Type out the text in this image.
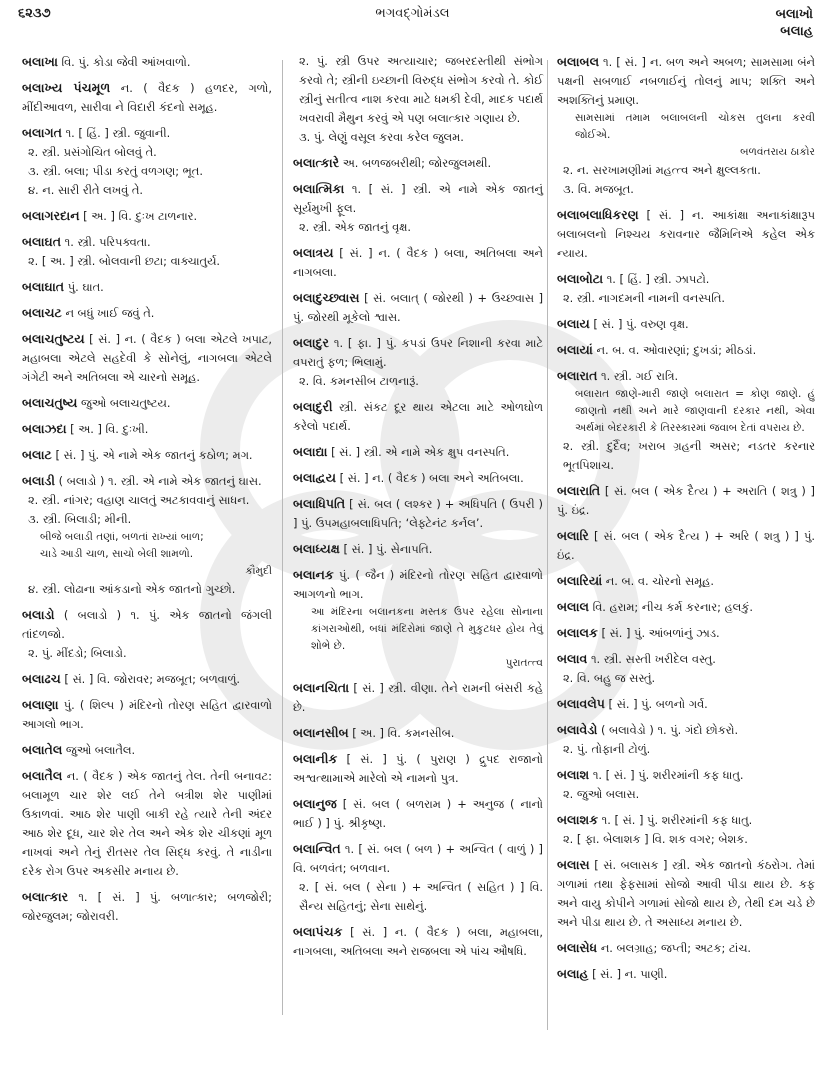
૬૨૩૭	ભગવદ્ગોમંડલ	બલાખો
બલાહ
બલાખા વિ. પું. કોડા જેવી આંખવાળો.
બલાખ્ય પંચમૂળ ન. ( વૈદક ) હળદર, ગળો, મીંદીઆવળ, સારીવા ને વિદારી કંદનો સમૂહ.
બલાગત ૧. [ હિં. ] સ્ત્રી. જુવાની.
૨. સ્ત્રી. પ્રસંગોચિત બોલવું તે.
૩. સ્ત્રી. બલા; પીડા કરતું વળગણ; ભૂત.
૪. ન. સારી રીતે લખવું તે.
બલાગરદાન [ અ. ] વિ. દુઃખ ટાળનાર.
બલાઘત ૧. સ્ત્રી. પરિપક્વતા.
૨. [ અ. ] સ્ત્રી. બોલવાની છટા; વાક્ચાતુર્ય.
બલાઘાત પું. ઘાત.
બલાચટ ન બધું ખાઈ જવું તે.
બલાચતુષ્ટય [ સં. ] ન. ( વૈદક ) બલા એટલે ખપાટ, મહાબલા એટલે સહદેવી કે સોનેલું, નાગબલા એટલે ગંગેટી અને અતિબલા એ ચારનો સમૂહ.
બલાચતુષ્ય જુઓ બલાચતુષ્ટય.
બલાઝદા [ અ. ] વિ. દુઃખી.
બલાટ [ સં. ] પું. એ નામે એક જાતનું કઠોળ; મગ.
બલાડી ( બલાડો ) ૧. સ્ત્રી. એ નામે એક જાતનું ઘાસ.
૨. સ્ત્રી. નાંગર; વહાણ ચાલતું અટકાવવાનું સાધન.
૩. સ્ત્રી. બિલાડી; મીની.
બીજે બલાડી તણાં, બળતાં રાખ્યાં બાળ;
ચાડે આડી ચાળ, સાચો બેલી શામળો.
કૌમુદી
૪. સ્ત્રી. લોઢાના આંકડાનો એક જાતનો ગુચ્છો.
બલાડો ( બલાડો ) ૧. પું. એક જાતનો જંગલી તાંદળજો.
૨. પું. મીંદડો; બિલાડો.
બલાઢચ [ સં. ] વિ. જોરાવર; મજબૂત; બળવાળું.
બલાણા પું. ( શિલ્પ ) મંદિરનો તોરણ સહિત દ્વારવાળો આગલો ભાગ.
બલાતેલ જુઓ બલાતૈલ.
બલાતૈલ ન. ( વૈદક ) એક જાતનું તેલ. તેની બનાવટ: બલામૂળ ચાર શેર લઈ તેને બત્રીશ શેર પાણીમાં ઉકાળવાં. આઠ શેર પાણી બાકી રહે ત્યારે તેની અંદર આઠ શેર દૂધ, ચાર શેર તેલ અને એક શેર ચીકણાં મૂળ નાખવાં અને તેનું રીતસર તેલ સિદ્ધ કરવું. તે નાડીના દરેક રોગ ઉપર અકસીર મનાય છે.
બલાત્કાર ૧. [ સં. ] પું. બળાત્કાર; બળજોરી; જોરજુલમ; જોરાવરી.
૨. પું. સ્ત્રી ઉપર અત્યાચાર; જબરદસ્તીથી સંભોગ કરવો તે; સ્ત્રીની ઇચ્છાની વિરુદ્ધ સંભોગ કરવો તે. કોઈ સ્ત્રીનું સતીત્વ નાશ કરવા માટે ધમકી દેવી, માદક પદાર્થ ખવરાવી મૈથુન કરવું એ પણ બલાત્કાર ગણાય છે.
૩. પું. લેણું વસૂલ કરવા કરેલ જુલમ.
બલાત્કારે અ. બળજબરીથી; જોરજુલમથી.
બલાત્મિકા ૧. [ સં. ] સ્ત્રી. એ નામે એક જાતનું સૂર્યમુખી ફૂલ.
૨. સ્ત્રી. એક જાતનું વૃક્ષ.
બલાત્રય [ સં. ] ન. ( વૈદક ) બલા, અતિબલા અને નાગબલા.
બલાદુચ્છ્વાસ [ સં. બલાત્ ( જોરથી ) + ઉચ્છ્વાસ ] પું. જોરથી મૂકેલો શ્વાસ.
બલાદુર ૧. [ ફા. ] પું. કપડાં ઉપર નિશાની કરવા માટે વપરાતું ફળ; ભિલામું.
૨. વિ. કમનસીબ ટાળનારૂં.
બલાદુરી સ્ત્રી. સંકટ દૂર થાય એટલા માટે ઓળઘોળ કરેલો પદાર્થ.
બલાદ્યા [ સં. ] સ્ત્રી. એ નામે એક ક્ષુપ વનસ્પતિ.
બલાદ્વય [ સં. ] ન. ( વૈદક ) બલા અને અતિબલા.
બલાધિપતિ [ સં. બલ ( લશ્કર ) + અધિપતિ ( ઉપરી ) ] પું. ઉપમહાબલાધિપતિ; ‘લેફ્ટેનંટ કર્નલ’.
બલાધ્યક્ષ [ સં. ] પું. સેનાપતિ.
બલાનક પું. ( જૈન ) મંદિરનો તોરણ સહિત દ્વારવાળો આગળનો ભાગ.
આ મંદિરના બલાનકના મસ્તક ઉપર રહેલા સોનાના કાંગરાઓથી, બધાં મંદિરોમાં જાણે તે મુકુટધર હોય તેવું શોભે છે.
પુરાતત્ત્વ
બલાનચિતા [ સં. ] સ્ત્રી. વીણા. તેને રામની બંસરી કહે છે.
બલાનસીબ [ અ. ] વિ. કમનસીબ.
બલાનીક [ સં. ] પું. ( પુરાણ ) દ્રુપદ રાજાનો અશ્વત્થામાએ મારેલો એ નામનો પુત્ર.
બલાનુજ [ સં. બલ ( બળરામ ) + અનુજ ( નાનો ભાઈ ) ] પું. શ્રીકૃષ્ણ.
બલાન્વિત ૧. [ સં. બલ ( બળ ) + અન્વિત ( વાળું ) ] વિ. બળવંત; બળવાન.
૨. [ સં. બલ ( સેના ) + અન્વિત ( સહિત ) ] વિ. સૈન્ય સહિતનું; સેના સાથેનું.
બલાપંચક [ સં. ] ન. ( વૈદક ) બલા, મહાબલા, નાગબલા, અતિબલા અને રાજબલા એ પાંચ ઔષધિ.
બલાબલ ૧. [ સં. ] ન. બળ અને અબળ; સામસામા બંને પક્ષની સબળાઈ નબળાઈનું તોલનું માપ; શક્તિ અને અશક્તિનું પ્રમાણ.
સામસામાં તમામ બલાબલની ચોકસ તુલના કરવી જોઈએ.
બળવંતરાય ઠાકોર
૨. ન. સરખામણીમાં મહત્ત્વ અને ક્ષુલ્લકતા.
૩. વિ. મજબૂત.
બલાબલાધિકરણ [ સં. ] ન. આકાંક્ષા અનાકાંક્ષારૂપ બલાબલનો નિશ્ચય કરાવનાર જૈમિનિએ કહેલ એક ન્યાય.
બલાબોટા ૧. [ હિં. ] સ્ત્રી. ઝાપટો.
૨. સ્ત્રી. નાગદમની નામની વનસ્પતિ.
બલાય [ સં. ] પું. વરુણ વૃક્ષ.
બલાયાં ન. બ. વ. ઓવારણાં; દુખડાં; મીઠડાં.
બલારાત ૧. સ્ત્રી. ગઈ રાત્રિ.
બલારાત જાણે-મારી જાણે બલારાત = કોણ જાણે. હું જાણતો નથી અને મારે જાણવાની દરકાર નથી, એવા અર્થમાં બેદરકારી કે તિરસ્કારમાં જવાબ દેતાં વપરાય છે.
૨. સ્ત્રી. દુર્દૈવ; ખરાબ ગ્રહની અસર; નડતર કરનાર ભૂતપિશાચ.
બલારાતિ [ સં. બલ ( એક દૈત્ય ) + અરાતિ ( શત્રુ ) ] પું. ઇંદ્ર.
બલારિ [ સં. બલ ( એક દૈત્ય ) + અરિ ( શત્રુ ) ] પું. ઇંદ્ર.
બલારિયાં ન. બ. વ. ચોરનો સમૂહ.
બલાલ વિ. હરામ; નીચ કર્મ કરનાર; હલકું.
બલાલક [ સં. ] પું. આંબળાંનું ઝાડ.
બલાવ ૧. સ્ત્રી. સસ્તી ખરીદેલ વસ્તુ.
૨. વિ. બહુ જ સસ્તું.
બલાવલેપ [ સં. ] પું. બળનો ગર્વ.
બલાવેડો ( બલાવેડો ) ૧. પું. ગંદો છોકરો.
૨. પું. તોફાની ટોળું.
બલાશ ૧. [ સં. ] પું. શરીરમાંની કફ ધાતુ.
૨. જુઓ બલાસ.
બલાશક ૧. [ સં. ] પું. શરીરમાંની કફ ધાતુ.
૨. [ ફા. બેલાશક ] વિ. શક વગર; બેશક.
બલાસ [ સં. બલાસક ] સ્ત્રી. એક જાતનો કંઠરોગ. તેમાં ગળામાં તથા ફેફસામાં સોજો આવી પીડા થાય છે. કફ અને વાયુ કોપીને ગળામાં સોજો થાય છે, તેથી દમ ચડે છે અને પીડા થાય છે. તે અસાધ્ય મનાય છે.
બલાસેધ ન. બલગ્રાહ; જપ્તી; અટક; ટાંચ.
બલાહ [ સં. ] ન. પાણી.
